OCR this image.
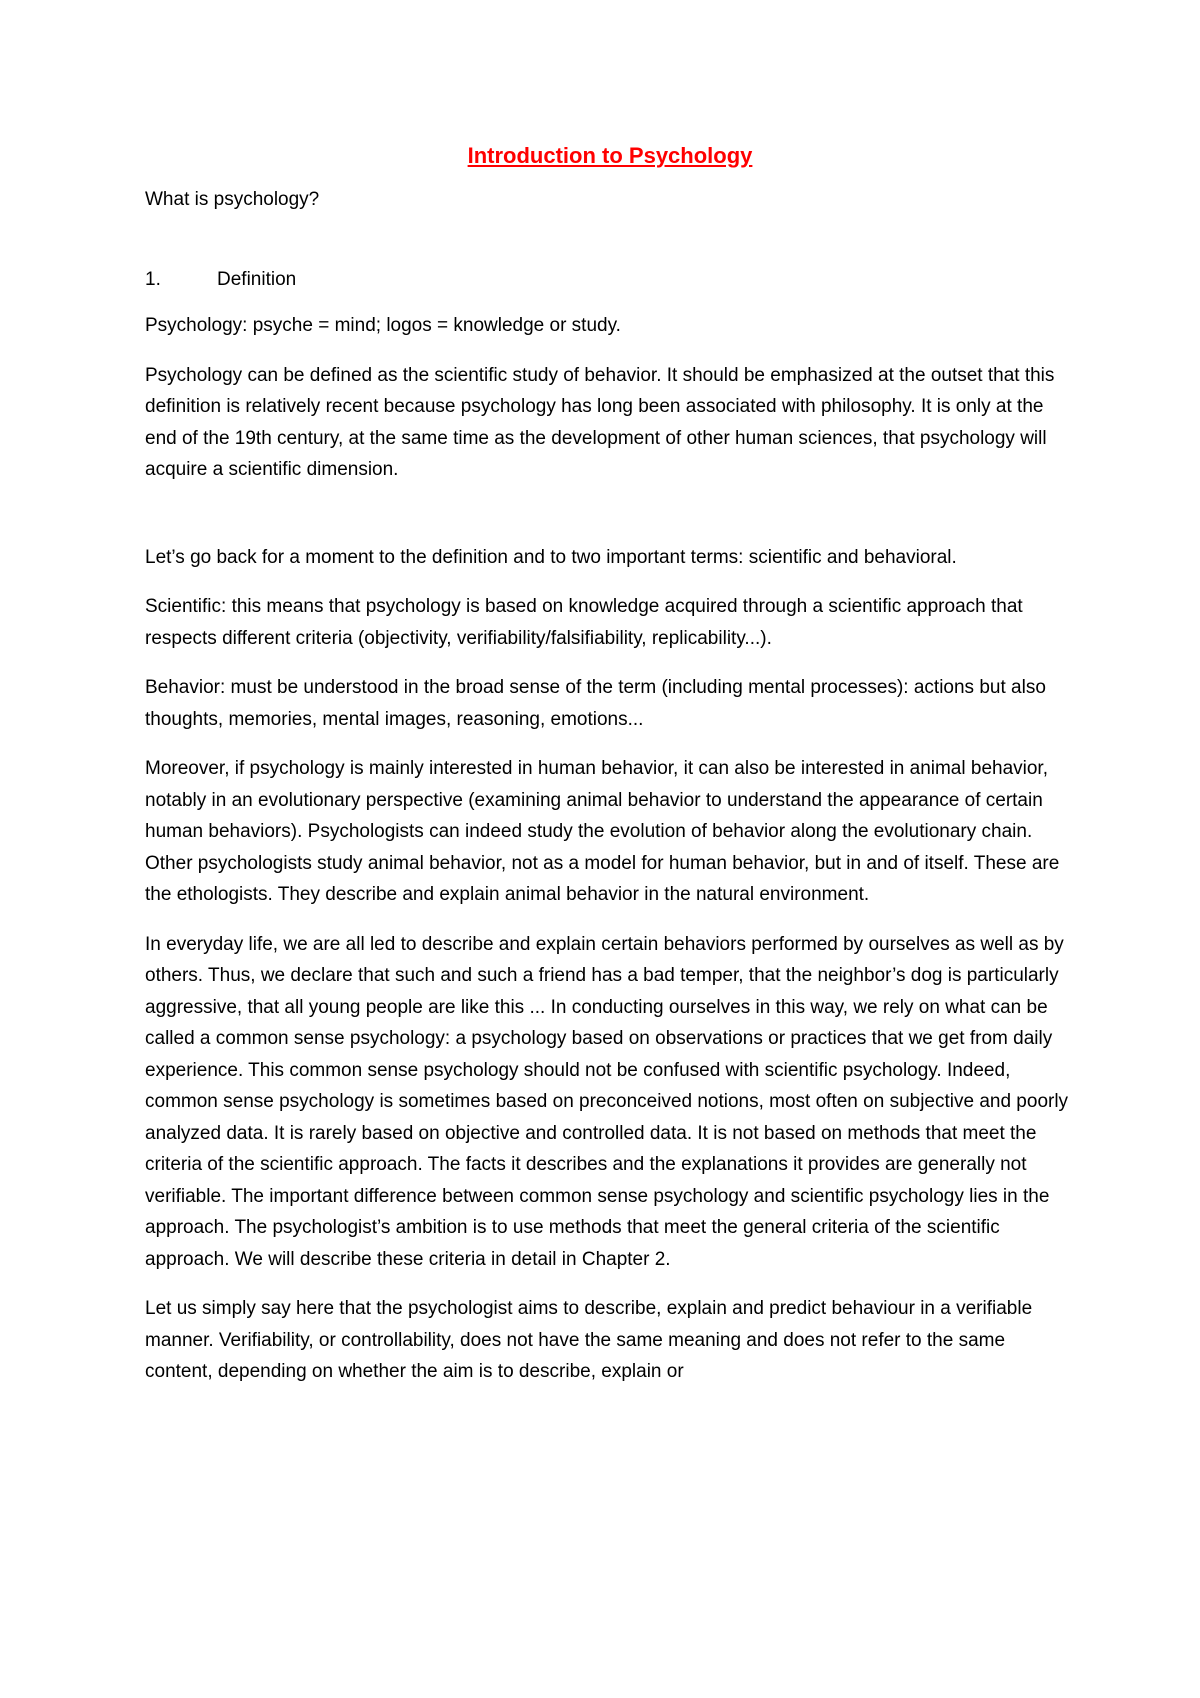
Introduction to Psychology
What is psychology?
1.	Definition

Psychology: psyche = mind; logos = knowledge or study.

Psychology can be defined as the scientific study of behavior. It should be emphasized at the outset that this definition is relatively recent because psychology has long been associated with philosophy. It is only at the end of the 19th century, at the same time as the development of other human sciences, that psychology will acquire a scientific dimension.

Let’s go back for a moment to the definition and to two important terms: scientific and behavioral.

Scientific: this means that psychology is based on knowledge acquired through a scientific approach that respects different criteria (objectivity, verifiability/falsifiability, replicability...).

Behavior: must be understood in the broad sense of the term (including mental processes): actions but also thoughts, memories, mental images, reasoning, emotions...

Moreover, if psychology is mainly interested in human behavior, it can also be interested in animal behavior, notably in an evolutionary perspective (examining animal behavior to understand the appearance of certain human behaviors). Psychologists can indeed study the evolution of behavior along the evolutionary chain. Other psychologists study animal behavior, not as a model for human behavior, but in and of itself. These are the ethologists. They describe and explain animal behavior in the natural environment.

In everyday life, we are all led to describe and explain certain behaviors performed by ourselves as well as by others. Thus, we declare that such and such a friend has a bad temper, that the neighbor’s dog is particularly aggressive, that all young people are like this ... In conducting ourselves in this way, we rely on what can be called a common sense psychology: a psychology based on observations or practices that we get from daily experience. This common sense psychology should not be confused with scientific psychology. Indeed, common sense psychology is sometimes based on preconceived notions, most often on subjective and poorly analyzed data. It is rarely based on objective and controlled data. It is not based on methods that meet the criteria of the scientific approach. The facts it describes and the explanations it provides are generally not verifiable. The important difference between common sense psychology and scientific psychology lies in the approach. The psychologist’s ambition is to use methods that meet the general criteria of the scientific approach. We will describe these criteria in detail in Chapter 2.

Let us simply say here that the psychologist aims to describe, explain and predict behaviour in a verifiable manner. Verifiability, or controllability, does not have the same meaning and does not refer to the same content, depending on whether the aim is to describe, explain or
